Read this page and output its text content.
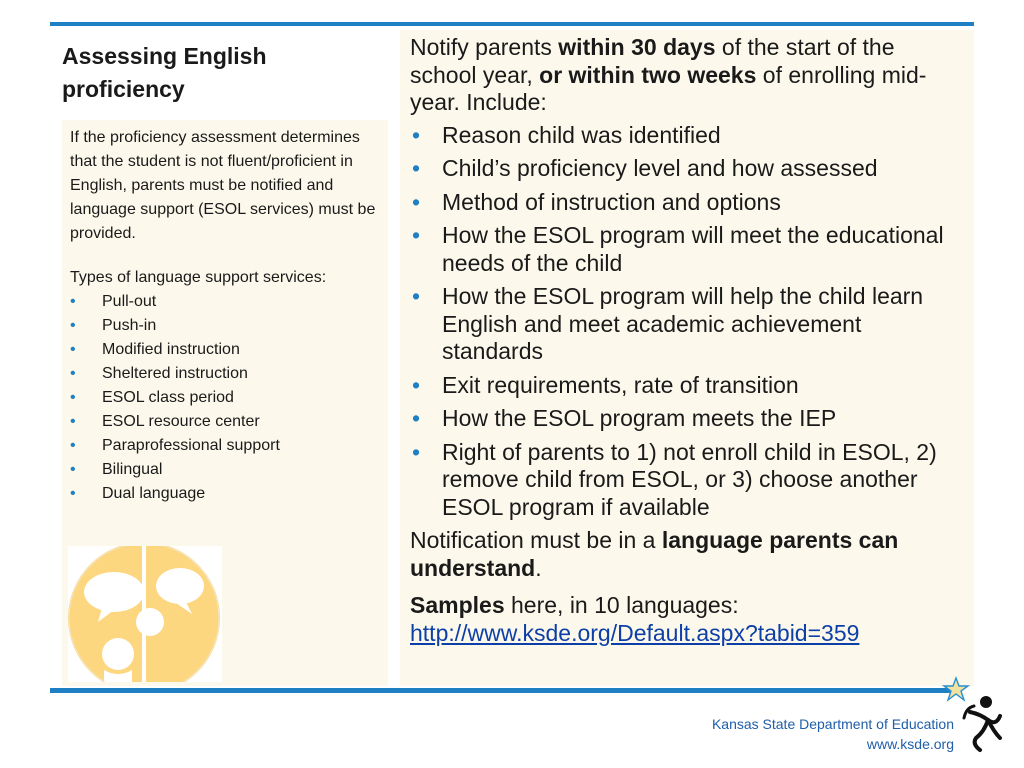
Assessing English proficiency

If the proficiency assessment determines that the student is not fluent/proficient in English, parents must be notified and language support (ESOL services) must be provided.

Types of language support services:

• Pull-out
• Push-in
• Modified instruction
• Sheltered instruction
• ESOL class period
• ESOL resource center
• Paraprofessional support
• Bilingual
• Dual language

Notify parents within 30 days of the start of the school year, or within two weeks of enrolling mid-year. Include:

• Reason child was identified
• Child’s proficiency level and how assessed
• Method of instruction and options
• How the ESOL program will meet the educational needs of the child
• How the ESOL program will help the child learn English and meet academic achievement standards
• Exit requirements, rate of transition
• How the ESOL program meets the IEP
• Right of parents to 1) not enroll child in ESOL, 2) remove child from ESOL, or 3) choose another ESOL program if available

Notification must be in a language parents can understand.

Samples here, in 10 languages:
http://www.ksde.org/Default.aspx?tabid=359

Kansas State Department of Education
www.ksde.org
